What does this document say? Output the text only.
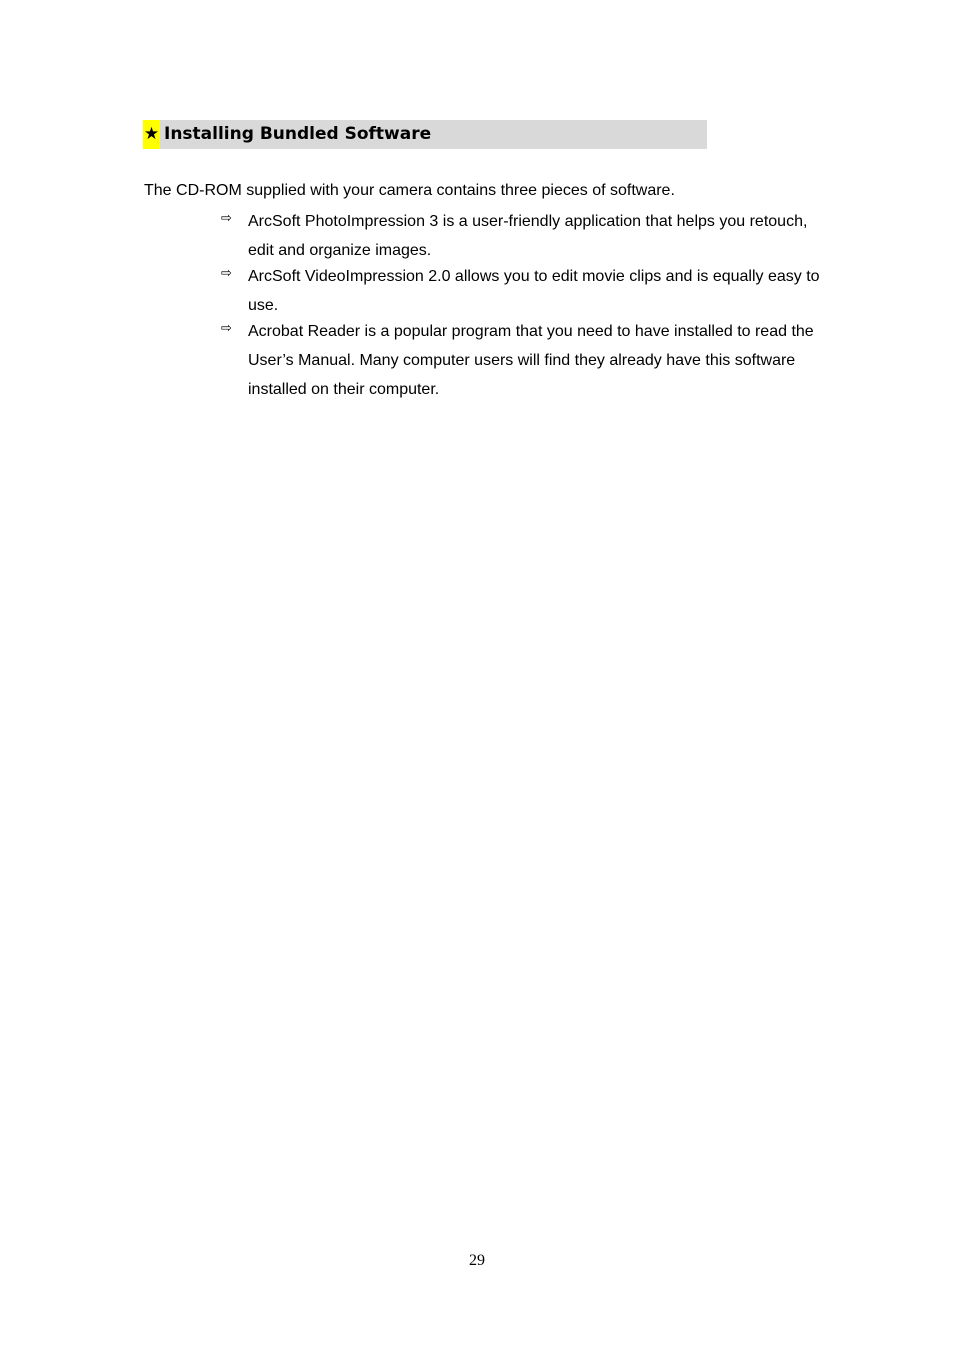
★ Installing Bundled Software
The CD-ROM supplied with your camera contains three pieces of software.
⇨ ArcSoft PhotoImpression 3 is a user-friendly application that helps you retouch, edit and organize images.
⇨ ArcSoft VideoImpression 2.0 allows you to edit movie clips and is equally easy to use.
⇨ Acrobat Reader is a popular program that you need to have installed to read the User’s Manual. Many computer users will find they already have this software installed on their computer.
29
